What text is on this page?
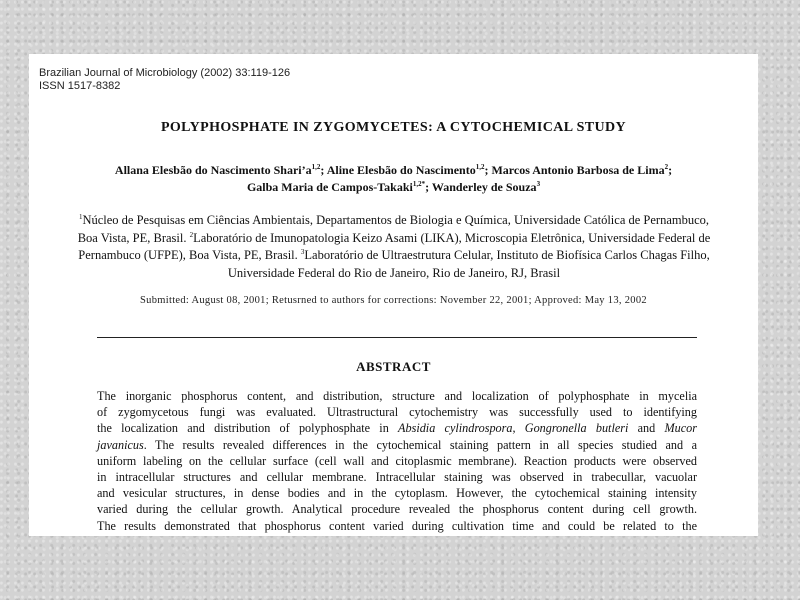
Brazilian Journal of Microbiology (2002) 33:119-126
ISSN 1517-8382
POLYPHOSPHATE IN ZYGOMYCETES: A CYTOCHEMICAL STUDY
Allana Elesbão do Nascimento $Shari’a^{1,2}$; Aline Elesbão do Nascimento$^{1,2}$; Marcos Antonio Barbosa de Lima$^2$;
Galba Maria de Campos-Takaki$^{1,2*}$; Wanderley de Souza$^3$
$^1$Núcleo de Pesquisas em Ciências Ambientais, Departamentos de Biologia e Química, Universidade Católica de Pernambuco,
Boa Vista, PE, Brasil. $^2$Laboratório de Imunopatologia Keizo Asami (LIKA), Microscopia Eletrônica, Universidade Federal de
Pernambuco (UFPE), Boa Vista, PE, Brasil. $^3$Laboratório de Ultraestrutura Celular, Instituto de Biofísica Carlos Chagas Filho,
Universidade Federal do Rio de Janeiro, Rio de Janeiro, RJ, Brasil
Submitted: August 08, 2001; Retusrned to authors for corrections: November 22, 2001; Approved: May 13, 2002
ABSTRACT
The inorganic phosphorus content, and distribution, structure and localization of polyphosphate in mycelia
of zygomycetous fungi was evaluated. Ultrastructural cytochemistry was successfully used to identifying
the localization and distribution of polyphosphate in Absidia cylindrospora, Gongronella butleri and Mucor
javanicus. The results revealed differences in the cytochemical staining pattern in all species studied and a
uniform labeling on the cellular surface (cell wall and citoplasmic membrane). Reaction products were observed
in intracellular structures and cellular membrane. Intracellular staining was observed in trabecullar, vacuolar
and vesicular structures, in dense bodies and in the cytoplasm. However, the cytochemical staining intensity
varied during the cellular growth. Analytical procedure revealed the phosphorus content during cell growth.
The results demonstrated that phosphorus content varied during cultivation time and could be related to the
